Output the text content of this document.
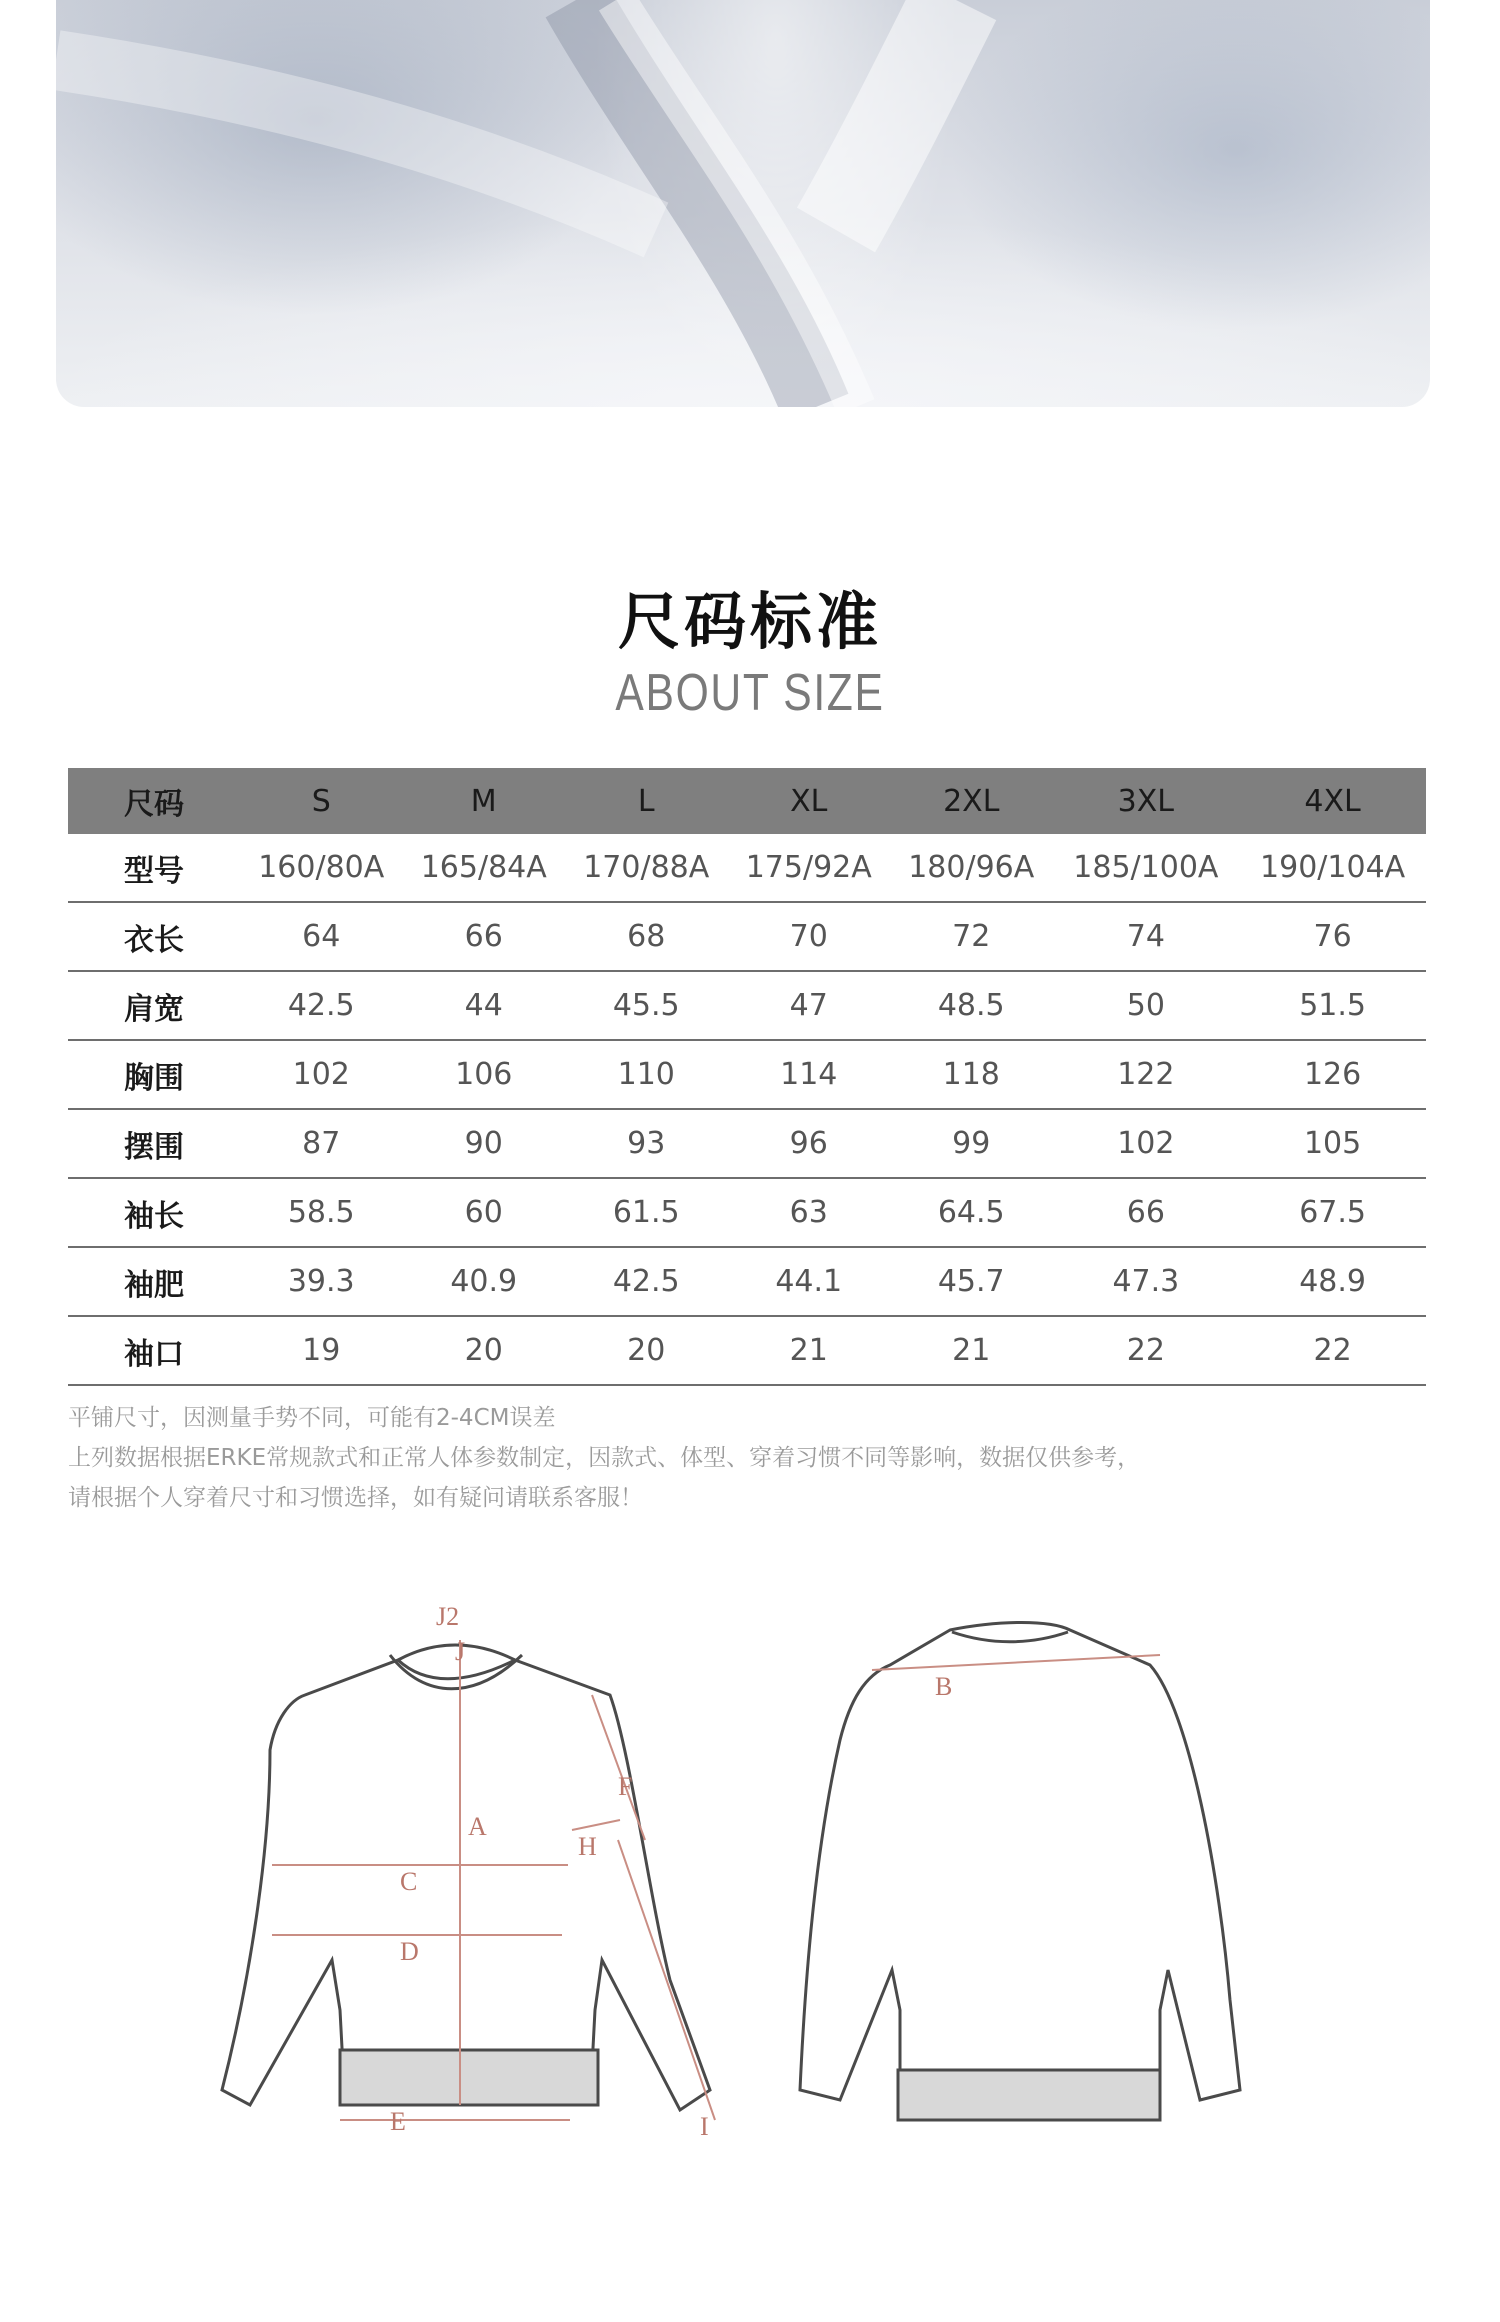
尺码标准
ABOUT SIZE
尺码	S	M	L	XL	2XL	3XL	4XL
型号	160/80A	165/84A	170/88A	175/92A	180/96A	185/100A	190/104A
衣长	64	66	68	70	72	74	76
肩宽	42.5	44	45.5	47	48.5	50	51.5
胸围	102	106	110	114	118	122	126
摆围	87	90	93	96	99	102	105
袖长	58.5	60	61.5	63	64.5	66	67.5
袖肥	39.3	40.9	42.5	44.1	45.7	47.3	48.9
袖口	19	20	20	21	21	22	22
平铺尺寸，因测量手势不同，可能有2-4CM误差
上列数据根据ERKE常规款式和正常人体参数制定，因款式、体型、穿着习惯不同等影响，数据仅供参考，
请根据个人穿着尺寸和习惯选择，如有疑问请联系客服！
J2
J
A
C
D
E
F
H
I
B
